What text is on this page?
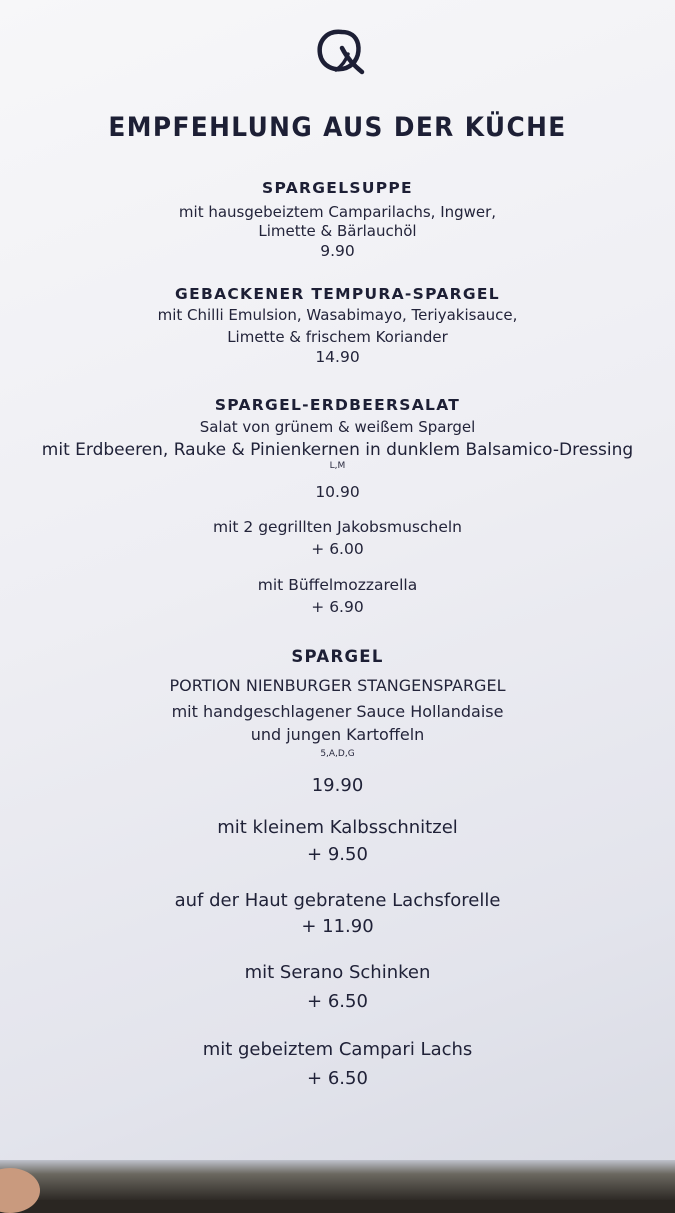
EMPFEHLUNG AUS DER KÜCHE
SPARGELSUPPE
mit hausgebeiztem Camparilachs, Ingwer,
Limette & Bärlauchöl
9.90
GEBACKENER TEMPURA-SPARGEL
mit Chilli Emulsion, Wasabimayo, Teriyakisauce,
Limette & frischem Koriander
14.90
SPARGEL-ERDBEERSALAT
Salat von grünem & weißem Spargel
mit Erdbeeren, Rauke & Pinienkernen in dunklem Balsamico-Dressing
L,M
10.90
mit 2 gegrillten Jakobsmuscheln
+ 6.00
mit Büffelmozzarella
+ 6.90
SPARGEL
PORTION NIENBURGER STANGENSPARGEL
mit handgeschlagener Sauce Hollandaise
und jungen Kartoffeln
5,A,D,G
19.90
mit kleinem Kalbsschnitzel
+ 9.50
auf der Haut gebratene Lachsforelle
+ 11.90
mit Serano Schinken
+ 6.50
mit gebeiztem Campari Lachs
+ 6.50
